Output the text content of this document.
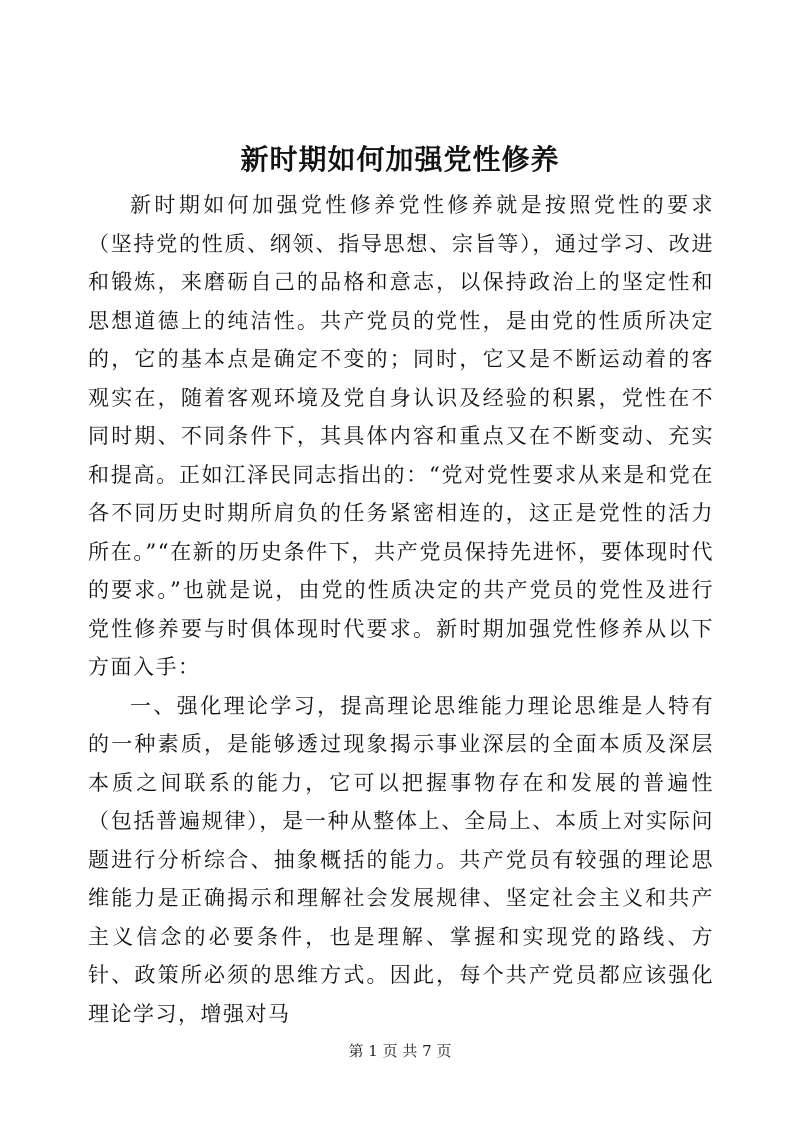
新时期如何加强党性修养

新时期如何加强党性修养党性修养就是按照党性的要求（坚持党的性质、纲领、指导思想、宗旨等），通过学习、改进和锻炼，来磨砺自己的品格和意志，以保持政治上的坚定性和思想道德上的纯洁性。共产党员的党性，是由党的性质所决定的，它的基本点是确定不变的；同时，它又是不断运动着的客观实在，随着客观环境及党自身认识及经验的积累，党性在不同时期、不同条件下，其具体内容和重点又在不断变动、充实和提高。正如江泽民同志指出的：“党对党性要求从来是和党在各不同历史时期所肩负的任务紧密相连的，这正是党性的活力所在。”“在新的历史条件下，共产党员保持先进怀，要体现时代的要求。”也就是说，由党的性质决定的共产党员的党性及进行党性修养要与时俱体现时代要求。新时期加强党性修养从以下方面入手：

一、强化理论学习，提高理论思维能力理论思维是人特有的一种素质，是能够透过现象揭示事业深层的全面本质及深层本质之间联系的能力，它可以把握事物存在和发展的普遍性（包括普遍规律），是一种从整体上、全局上、本质上对实际问题进行分析综合、抽象概括的能力。共产党员有较强的理论思维能力是正确揭示和理解社会发展规律、坚定社会主义和共产主义信念的必要条件，也是理解、掌握和实现党的路线、方针、政策所必须的思维方式。因此，每个共产党员都应该强化理论学习，增强对马

第 1 页 共 7 页
